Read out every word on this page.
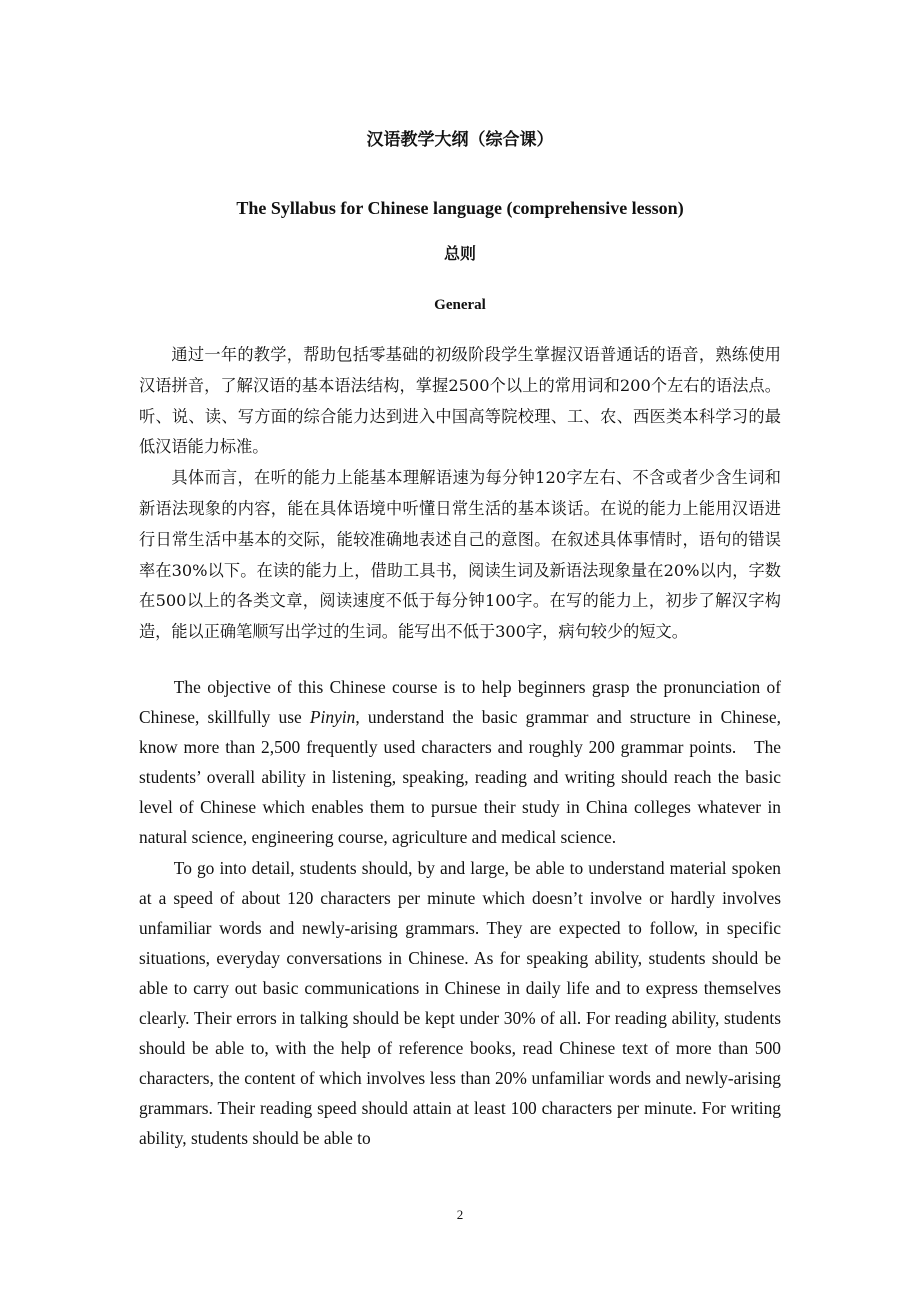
汉语教学大纲（综合课）
The Syllabus for Chinese language (comprehensive lesson)
总则
General

通过一年的教学，帮助包括零基础的初级阶段学生掌握汉语普通话的语音，熟练使用汉语拼音，了解汉语的基本语法结构，掌握2500个以上的常用词和200个左右的语法点。听、说、读、写方面的综合能力达到进入中国高等院校理、工、农、西医类本科学习的最低汉语能力标准。

具体而言，在听的能力上能基本理解语速为每分钟120字左右、不含或者少含生词和新语法现象的内容，能在具体语境中听懂日常生活的基本谈话。在说的能力上能用汉语进行日常生活中基本的交际，能较准确地表述自己的意图。在叙述具体事情时，语句的错误率在30%以下。在读的能力上，借助工具书，阅读生词及新语法现象量在20%以内，字数在500以上的各类文章，阅读速度不低于每分钟100字。在写的能力上，初步了解汉字构造，能以正确笔顺写出学过的生词。能写出不低于300字，病句较少的短文。

The objective of this Chinese course is to help beginners grasp the pronunciation of Chinese, skillfully use Pinyin, understand the basic grammar and structure in Chinese, know more than 2,500 frequently used characters and roughly 200 grammar points.   The students’ overall ability in listening, speaking, reading and writing should reach the basic level of Chinese which enables them to pursue their study in China colleges whatever in natural science, engineering course, agriculture and medical science.

To go into detail, students should, by and large, be able to understand material spoken at a speed of about 120 characters per minute which doesn’t involve or hardly involves unfamiliar words and newly-arising grammars. They are expected to follow, in specific situations, everyday conversations in Chinese. As for speaking ability, students should be able to carry out basic communications in Chinese in daily life and to express themselves clearly. Their errors in talking should be kept under 30% of all. For reading ability, students should be able to, with the help of reference books, read Chinese text of more than 500 characters, the content of which involves less than 20% unfamiliar words and newly-arising grammars. Their reading speed should attain at least 100 characters per minute. For writing ability, students should be able to

2
